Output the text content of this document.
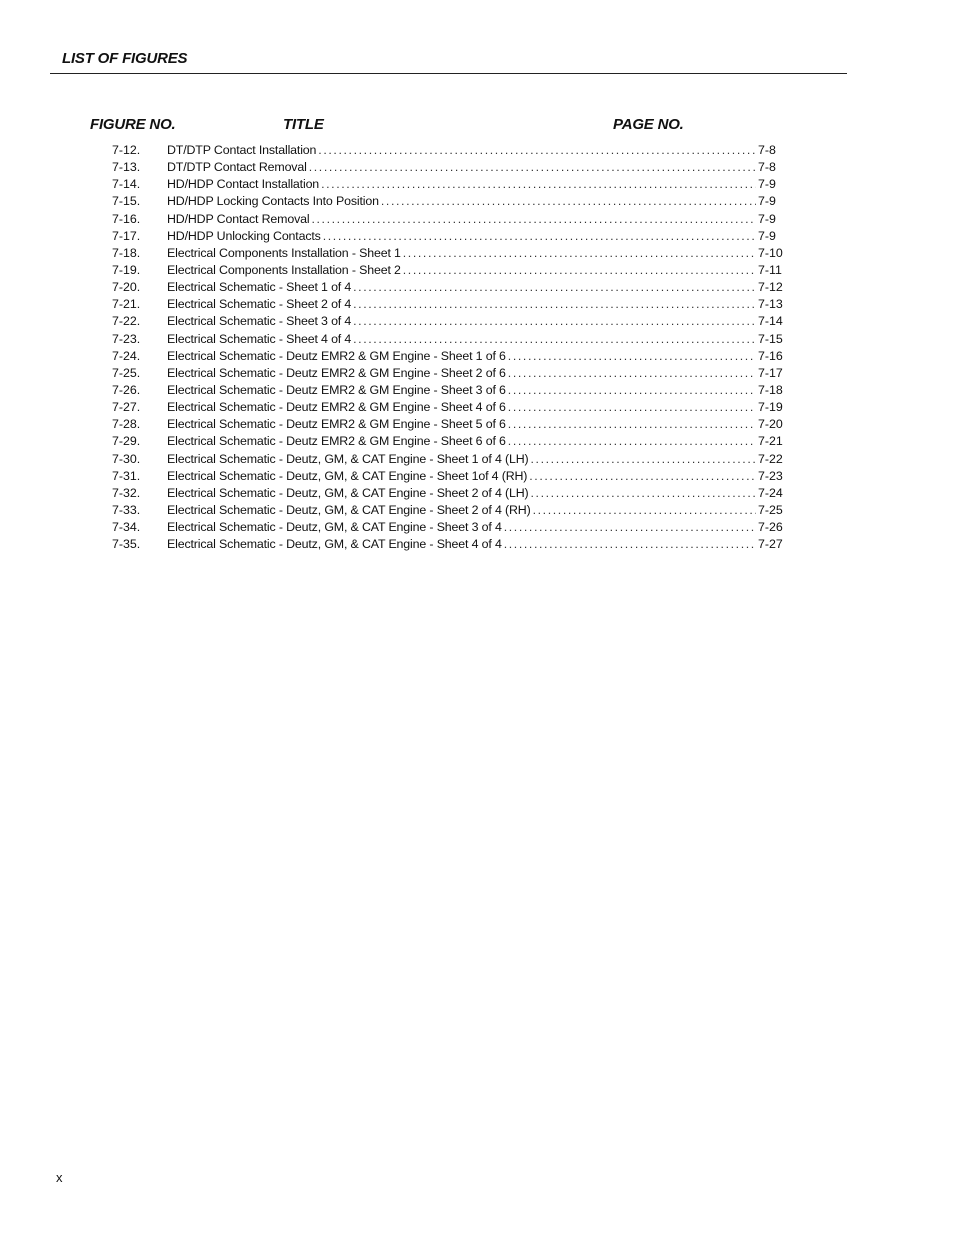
LIST OF FIGURES
FIGURE NO.	TITLE	PAGE NO.
7-12.	DT/DTP Contact Installation .....	7-8
7-13.	DT/DTP Contact Removal .....	7-8
7-14.	HD/HDP Contact Installation .....	7-9
7-15.	HD/HDP Locking Contacts Into Position .....	7-9
7-16.	HD/HDP Contact Removal .....	7-9
7-17.	HD/HDP Unlocking Contacts .....	7-9
7-18.	Electrical Components Installation - Sheet 1 .....	7-10
7-19.	Electrical Components Installation - Sheet 2 .....	7-11
7-20.	Electrical Schematic - Sheet 1 of 4 .....	7-12
7-21.	Electrical Schematic - Sheet 2 of 4 .....	7-13
7-22.	Electrical Schematic - Sheet 3 of 4 .....	7-14
7-23.	Electrical Schematic - Sheet 4 of 4 .....	7-15
7-24.	Electrical Schematic - Deutz EMR2 & GM Engine - Sheet 1 of 6 .....	7-16
7-25.	Electrical Schematic - Deutz EMR2 & GM Engine - Sheet 2 of 6 .....	7-17
7-26.	Electrical Schematic - Deutz EMR2 & GM Engine - Sheet 3 of 6 .....	7-18
7-27.	Electrical Schematic - Deutz EMR2 & GM Engine - Sheet 4 of 6 .....	7-19
7-28.	Electrical Schematic - Deutz EMR2 & GM Engine - Sheet 5 of 6 .....	7-20
7-29.	Electrical Schematic - Deutz EMR2 & GM Engine - Sheet 6 of 6 .....	7-21
7-30.	Electrical Schematic - Deutz, GM, & CAT Engine - Sheet 1 of 4 (LH) .....	7-22
7-31.	Electrical Schematic - Deutz, GM, & CAT Engine - Sheet 1of 4 (RH) .....	7-23
7-32.	Electrical Schematic - Deutz, GM, & CAT Engine - Sheet 2 of 4 (LH) .....	7-24
7-33.	Electrical Schematic - Deutz, GM, & CAT Engine - Sheet 2 of 4 (RH) .....	7-25
7-34.	Electrical Schematic - Deutz, GM, & CAT Engine - Sheet 3 of 4 .....	7-26
7-35.	Electrical Schematic - Deutz, GM, & CAT Engine - Sheet 4 of 4 .....	7-27
x
